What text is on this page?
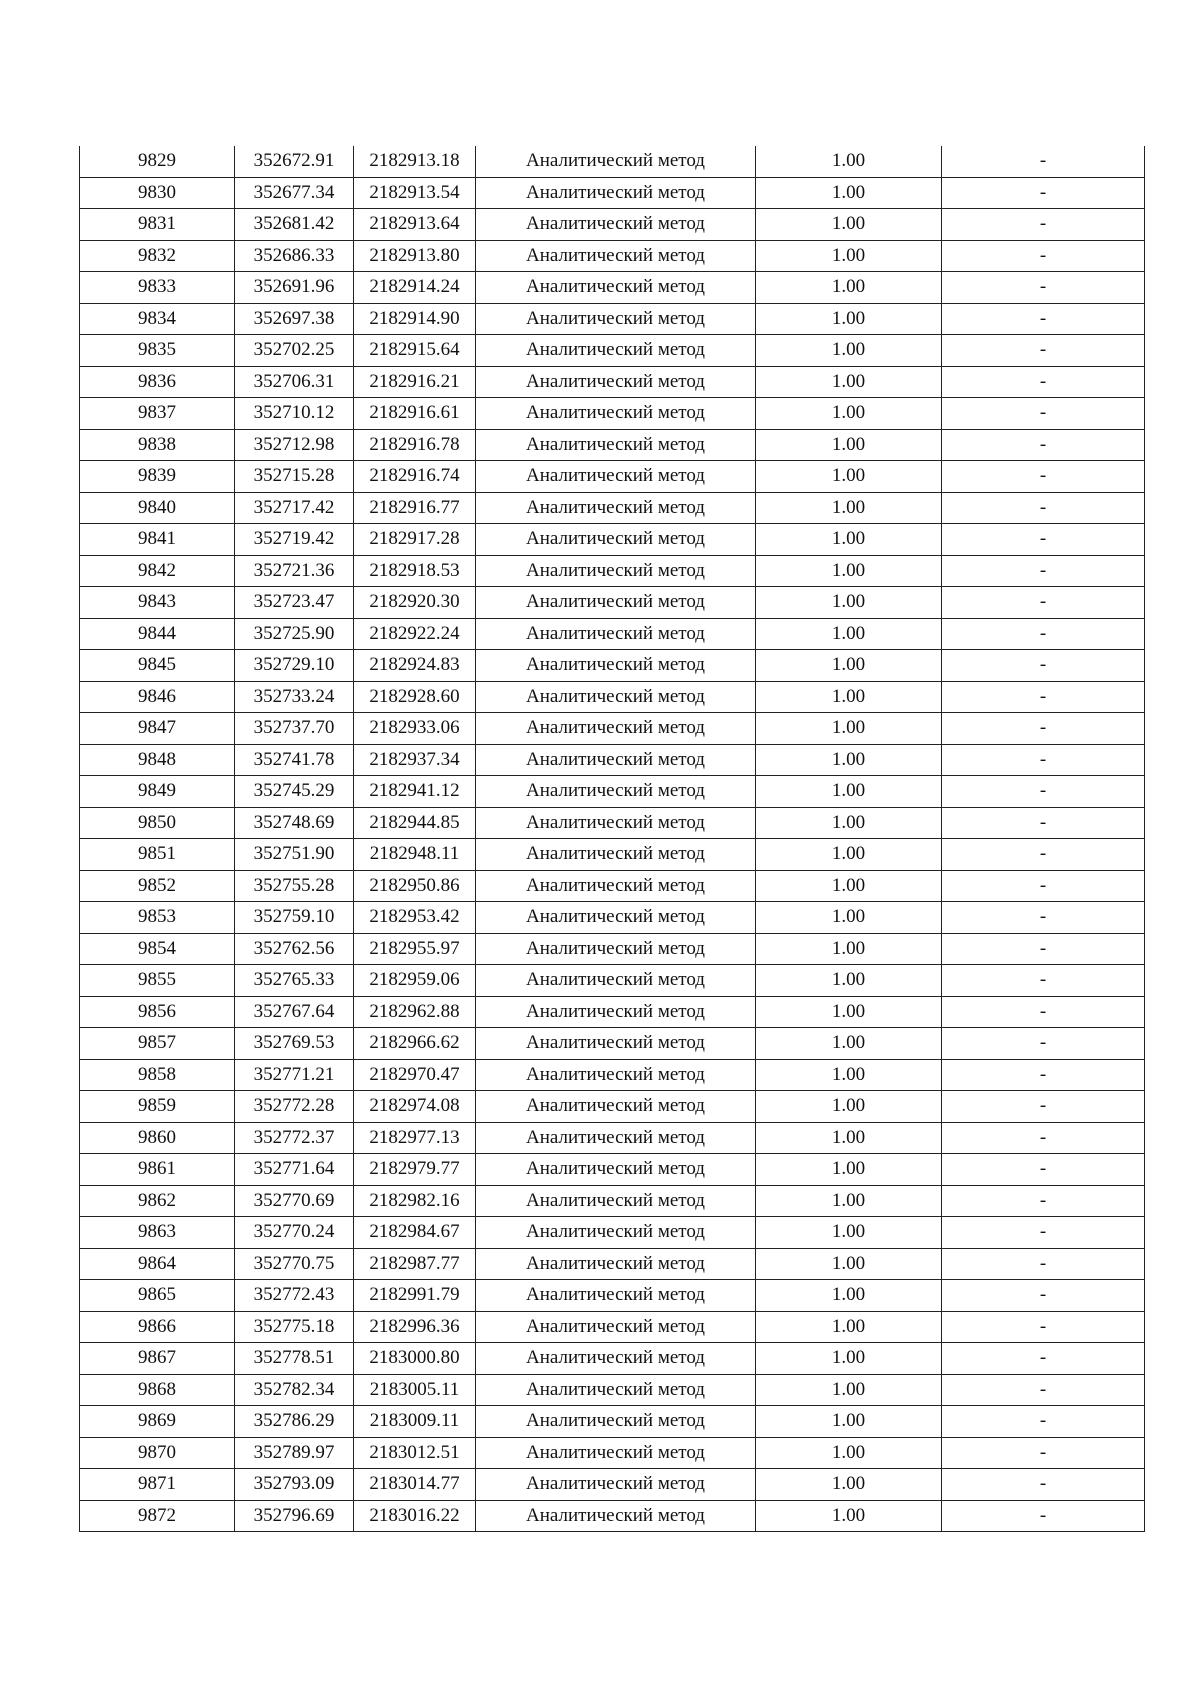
9829	352672.91	2182913.18	Аналитический метод	1.00	-
9830	352677.34	2182913.54	Аналитический метод	1.00	-
9831	352681.42	2182913.64	Аналитический метод	1.00	-
9832	352686.33	2182913.80	Аналитический метод	1.00	-
9833	352691.96	2182914.24	Аналитический метод	1.00	-
9834	352697.38	2182914.90	Аналитический метод	1.00	-
9835	352702.25	2182915.64	Аналитический метод	1.00	-
9836	352706.31	2182916.21	Аналитический метод	1.00	-
9837	352710.12	2182916.61	Аналитический метод	1.00	-
9838	352712.98	2182916.78	Аналитический метод	1.00	-
9839	352715.28	2182916.74	Аналитический метод	1.00	-
9840	352717.42	2182916.77	Аналитический метод	1.00	-
9841	352719.42	2182917.28	Аналитический метод	1.00	-
9842	352721.36	2182918.53	Аналитический метод	1.00	-
9843	352723.47	2182920.30	Аналитический метод	1.00	-
9844	352725.90	2182922.24	Аналитический метод	1.00	-
9845	352729.10	2182924.83	Аналитический метод	1.00	-
9846	352733.24	2182928.60	Аналитический метод	1.00	-
9847	352737.70	2182933.06	Аналитический метод	1.00	-
9848	352741.78	2182937.34	Аналитический метод	1.00	-
9849	352745.29	2182941.12	Аналитический метод	1.00	-
9850	352748.69	2182944.85	Аналитический метод	1.00	-
9851	352751.90	2182948.11	Аналитический метод	1.00	-
9852	352755.28	2182950.86	Аналитический метод	1.00	-
9853	352759.10	2182953.42	Аналитический метод	1.00	-
9854	352762.56	2182955.97	Аналитический метод	1.00	-
9855	352765.33	2182959.06	Аналитический метод	1.00	-
9856	352767.64	2182962.88	Аналитический метод	1.00	-
9857	352769.53	2182966.62	Аналитический метод	1.00	-
9858	352771.21	2182970.47	Аналитический метод	1.00	-
9859	352772.28	2182974.08	Аналитический метод	1.00	-
9860	352772.37	2182977.13	Аналитический метод	1.00	-
9861	352771.64	2182979.77	Аналитический метод	1.00	-
9862	352770.69	2182982.16	Аналитический метод	1.00	-
9863	352770.24	2182984.67	Аналитический метод	1.00	-
9864	352770.75	2182987.77	Аналитический метод	1.00	-
9865	352772.43	2182991.79	Аналитический метод	1.00	-
9866	352775.18	2182996.36	Аналитический метод	1.00	-
9867	352778.51	2183000.80	Аналитический метод	1.00	-
9868	352782.34	2183005.11	Аналитический метод	1.00	-
9869	352786.29	2183009.11	Аналитический метод	1.00	-
9870	352789.97	2183012.51	Аналитический метод	1.00	-
9871	352793.09	2183014.77	Аналитический метод	1.00	-
9872	352796.69	2183016.22	Аналитический метод	1.00	-
